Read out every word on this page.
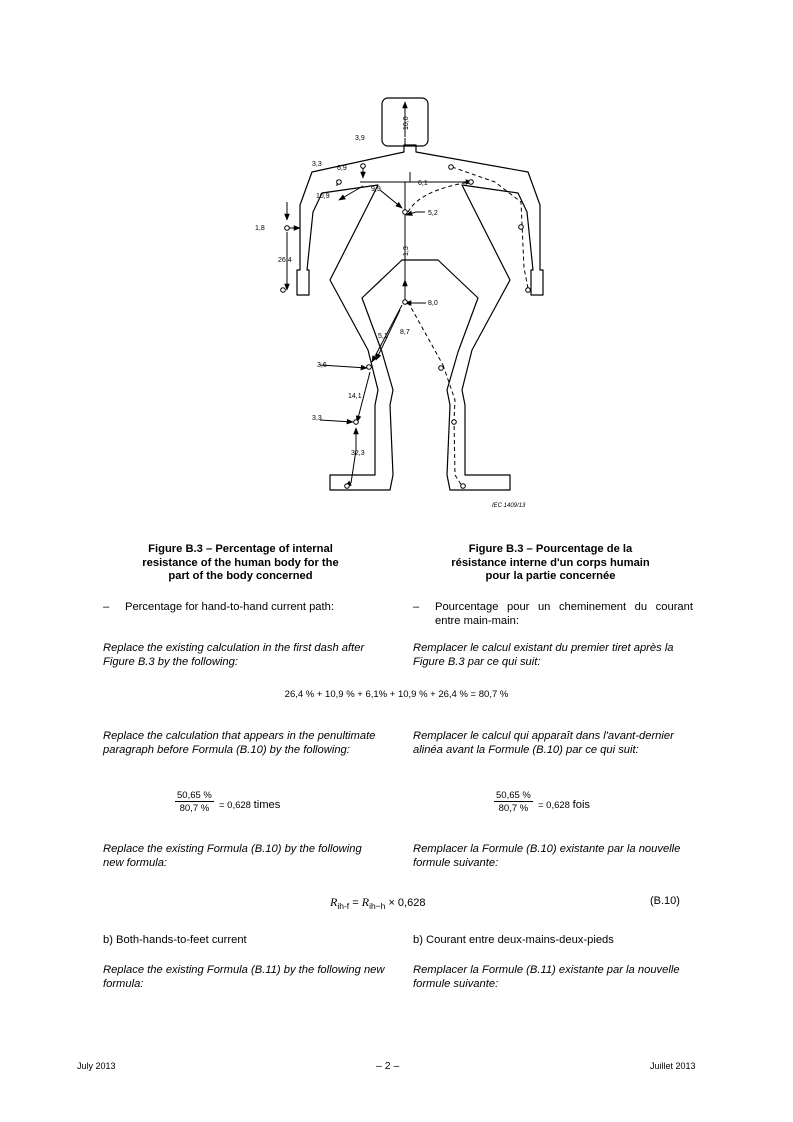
10,0
3,9
3,3
6,9
10,9
9,9
6,1
5,2
1,8
26,4
1,3
8,0
5,1
8,7
3,6
14,1
3,3
32,3
IEC 1409/13
Figure B.3 – Percentage of internal
resistance of the human body for the
part of the body concerned
Figure B.3 – Pourcentage de la
résistance interne d'un corps humain
pour la partie concernée
– Percentage for hand-to-hand current path:	– Pourcentage pour un cheminement du courant entre main-main:
Replace the existing calculation in the first dash after Figure B.3 by the following:
Remplacer le calcul existant du premier tiret après la Figure B.3 par ce qui suit:
26,4 % + 10,9 % + 6,1% + 10,9 % + 26,4 % = 80,7 %
Replace the calculation that appears in the penultimate paragraph before Formula (B.10) by the following:
Remplacer le calcul qui apparaît dans l'avant-dernier alinéa avant la Formule (B.10) par ce qui suit:
$\frac{50,65 \%}{80,7 \%} = 0,628$ times	$\frac{50,65 \%}{80,7 \%} = 0,628$ fois
Replace the existing Formula (B.10) by the following new formula:
Remplacer la Formule (B.10) existante par la nouvelle formule suivante:
$R_{ih-f} = R_{ih-h} \times 0,628$	(B.10)
b) Both-hands-to-feet current	b) Courant entre deux-mains-deux-pieds
Replace the existing Formula (B.11) by the following new formula:
Remplacer la Formule (B.11) existante par la nouvelle formule suivante:
July 2013	– 2 –	Juillet 2013
